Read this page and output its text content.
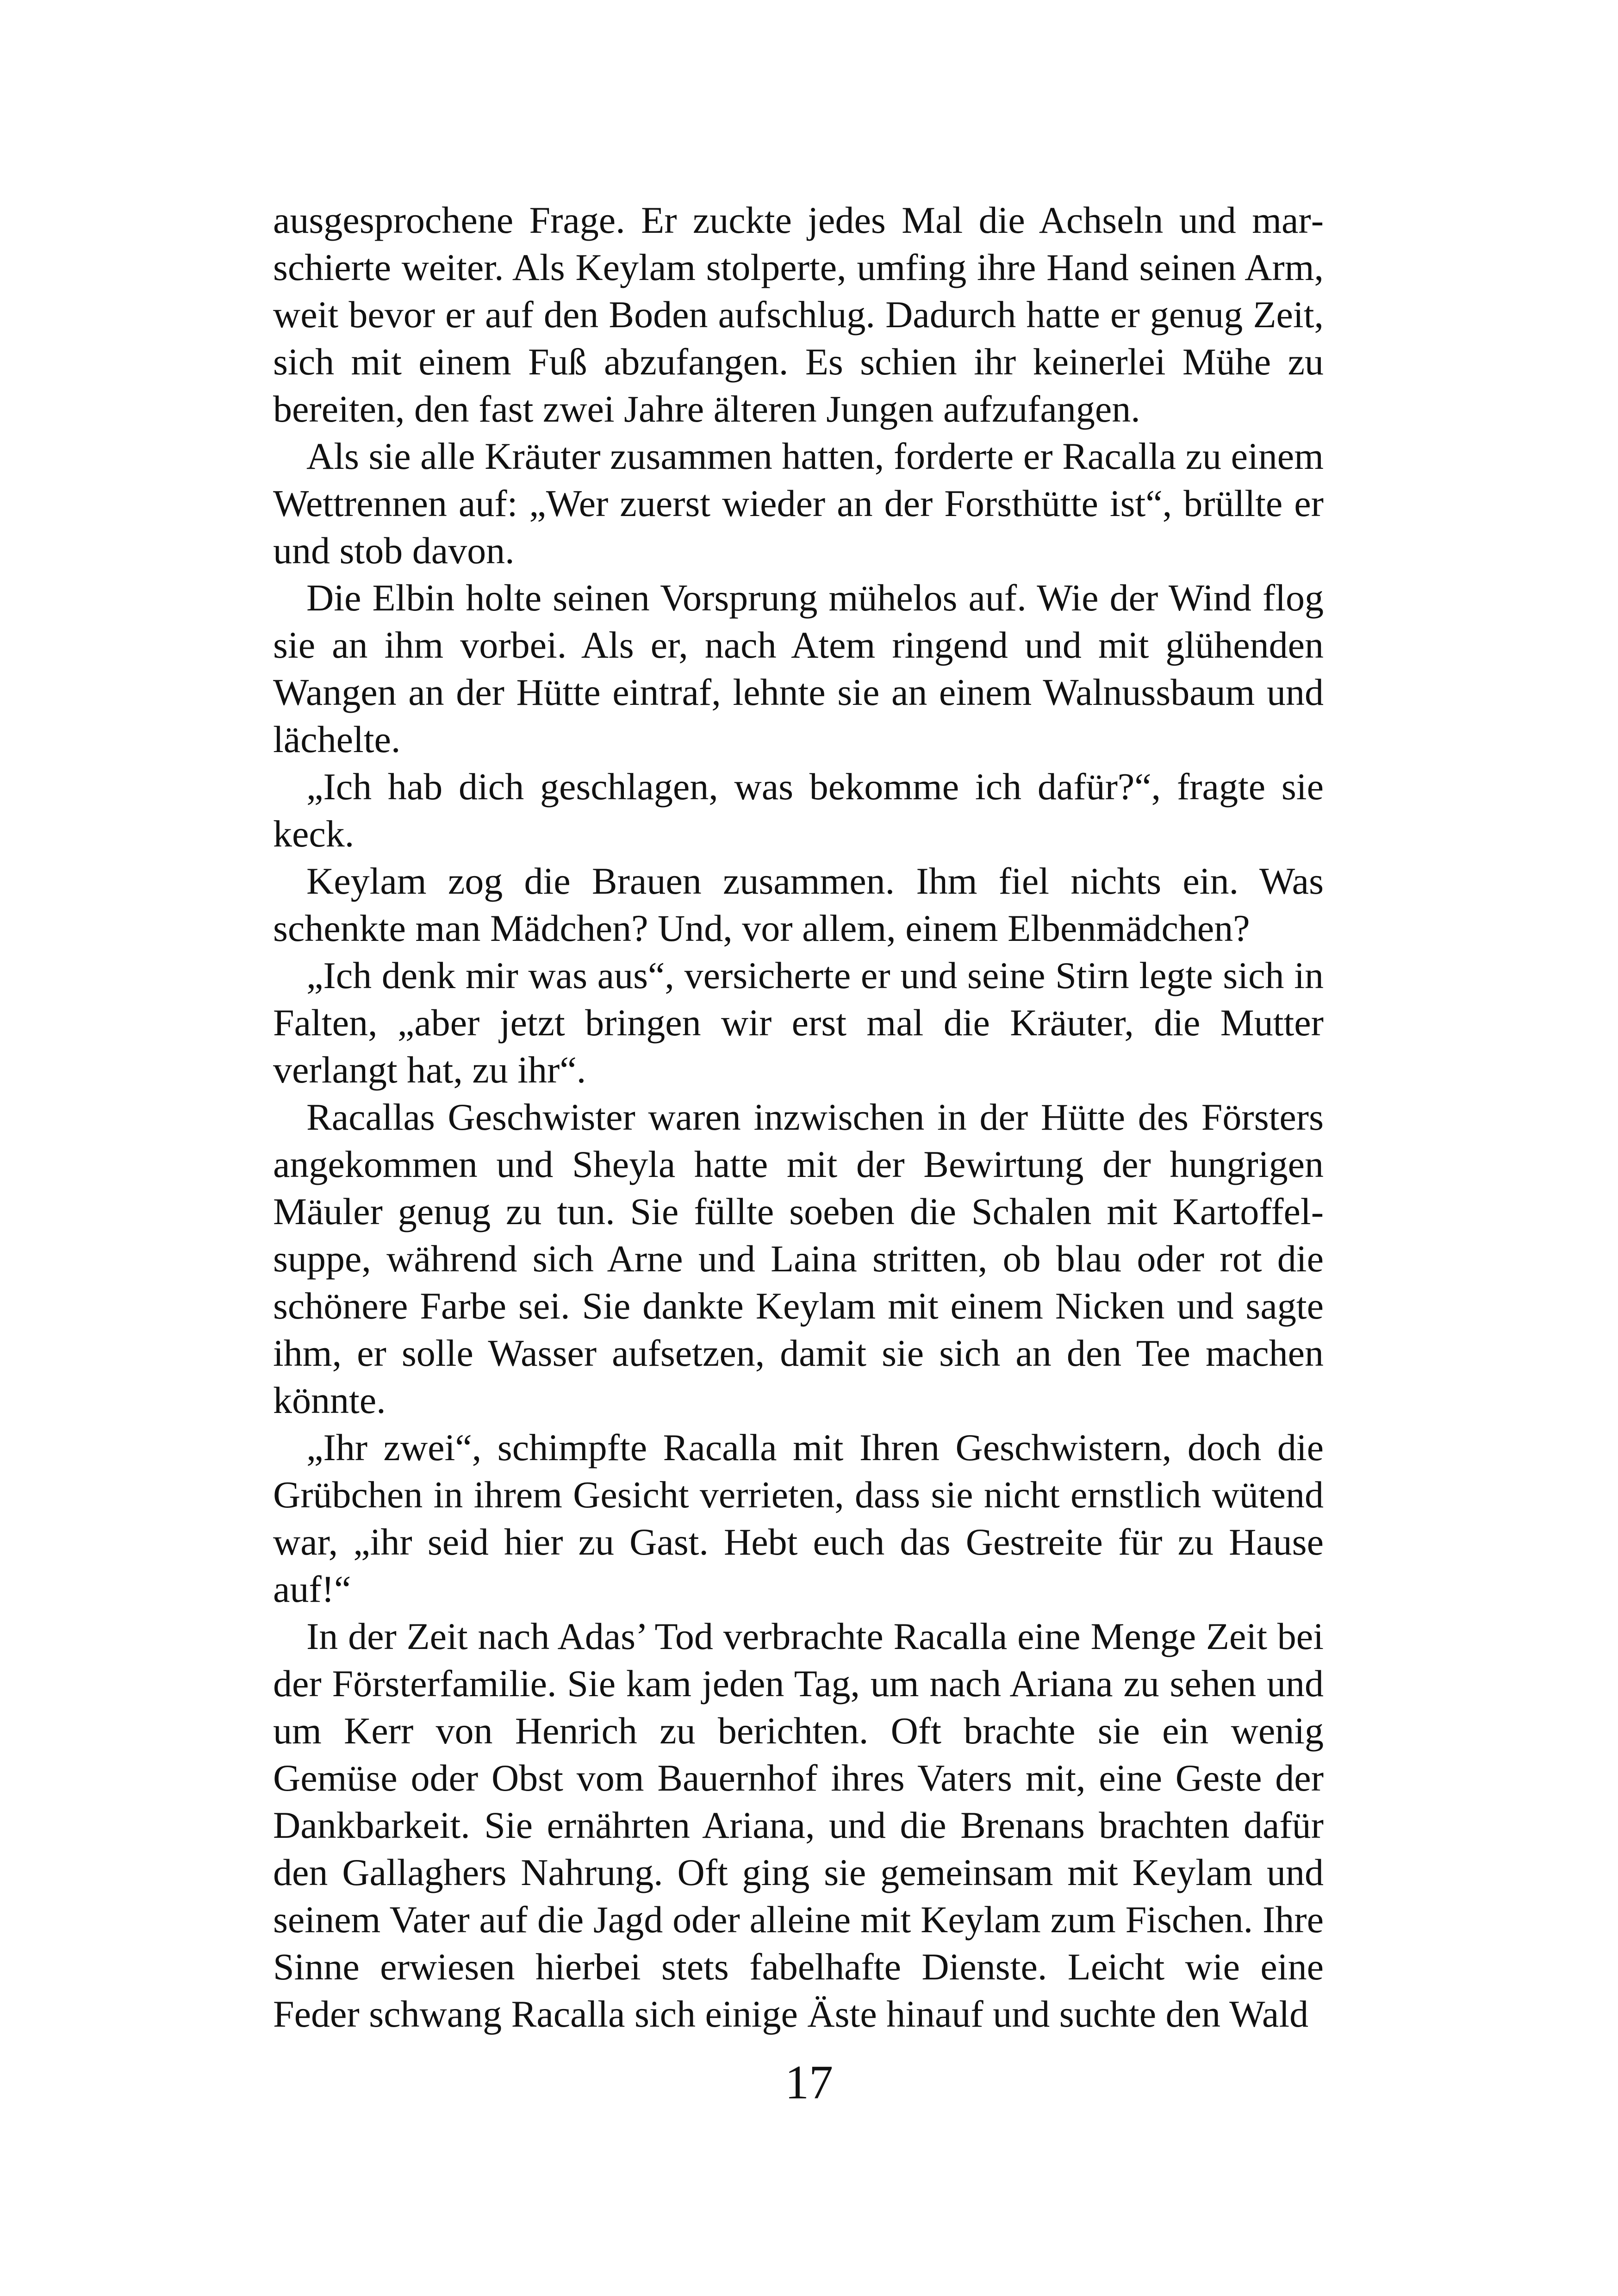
ausgesprochene Frage. Er zuckte jedes Mal die Achseln und marschierte weiter. Als Keylam stolperte, umfing ihre Hand seinen Arm, weit bevor er auf den Boden aufschlug. Dadurch hatte er genug Zeit, sich mit einem Fuß abzufangen. Es schien ihr keinerlei Mühe zu bereiten, den fast zwei Jahre älteren Jungen aufzufangen.

Als sie alle Kräuter zusammen hatten, forderte er Racalla zu einem Wettrennen auf: „Wer zuerst wieder an der Forsthütte ist“, brüllte er und stob davon.

Die Elbin holte seinen Vorsprung mühelos auf. Wie der Wind flog sie an ihm vorbei. Als er, nach Atem ringend und mit glühenden Wangen an der Hütte eintraf, lehnte sie an einem Walnussbaum und lächelte.

„Ich hab dich geschlagen, was bekomme ich dafür?“, fragte sie keck.

Keylam zog die Brauen zusammen. Ihm fiel nichts ein. Was schenkte man Mädchen? Und, vor allem, einem Elbenmädchen?

„Ich denk mir was aus“, versicherte er und seine Stirn legte sich in Falten, „aber jetzt bringen wir erst mal die Kräuter, die Mutter verlangt hat, zu ihr“.

Racallas Geschwister waren inzwischen in der Hütte des Försters angekommen und Sheyla hatte mit der Bewirtung der hungrigen Mäuler genug zu tun. Sie füllte soeben die Schalen mit Kartoffelsuppe, während sich Arne und Laina stritten, ob blau oder rot die schönere Farbe sei. Sie dankte Keylam mit einem Nicken und sagte ihm, er solle Wasser aufsetzen, damit sie sich an den Tee machen könnte.

„Ihr zwei“, schimpfte Racalla mit Ihren Geschwistern, doch die Grübchen in ihrem Gesicht verrieten, dass sie nicht ernstlich wütend war, „ihr seid hier zu Gast. Hebt euch das Gestreite für zu Hause auf!“

In der Zeit nach Adas’ Tod verbrachte Racalla eine Menge Zeit bei der Försterfamilie. Sie kam jeden Tag, um nach Ariana zu sehen und um Kerr von Henrich zu berichten. Oft brachte sie ein wenig Gemüse oder Obst vom Bauernhof ihres Vaters mit, eine Geste der Dankbarkeit. Sie ernährten Ariana, und die Brenans brachten dafür den Gallaghers Nahrung. Oft ging sie gemeinsam mit Keylam und seinem Vater auf die Jagd oder alleine mit Keylam zum Fischen. Ihre Sinne erwiesen hierbei stets fabelhafte Dienste. Leicht wie eine Feder schwang Racalla sich einige Äste hinauf und suchte den Wald

17
